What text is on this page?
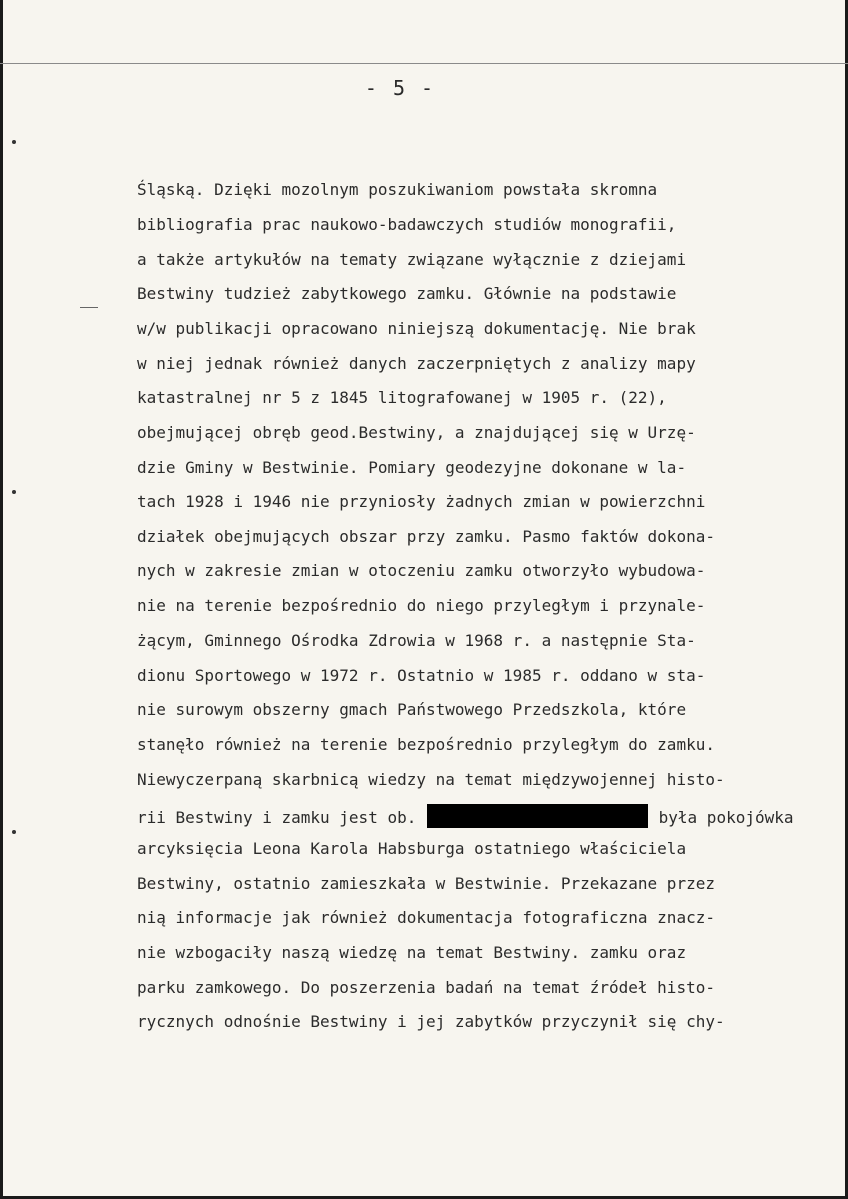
- 5 -
Śląską. Dzięki mozolnym poszukiwaniom powstała skromna
bibliografia prac naukowo-badawczych studiów monografii,
a także artykułów na tematy związane wyłącznie z dziejami
Bestwiny tudzież zabytkowego zamku. Głównie na podstawie
w/w publikacji opracowano niniejszą dokumentację. Nie brak
w niej jednak również danych zaczerpniętych z analizy mapy
katastralnej nr 5 z 1845 litografowanej w 1905 r. (22),
obejmującej obręb geod.Bestwiny, a znajdującej się w Urzę-
dzie Gminy w Bestwinie. Pomiary geodezyjne dokonane w la-
tach 1928 i 1946 nie przyniosły żadnych zmian w powierzchni
działek obejmujących obszar przy zamku. Pasmo faktów dokona-
nych w zakresie zmian w otoczeniu zamku otworzyło wybudowa-
nie na terenie bezpośrednio do niego przyległym i przynale-
żącym, Gminnego Ośrodka Zdrowia w 1968 r. a następnie Sta-
dionu Sportowego w 1972 r. Ostatnio w 1985 r. oddano w sta-
nie surowym obszerny gmach Państwowego Przedszkola, które
stanęło również na terenie bezpośrednio przyległym do zamku.
Niewyczerpaną skarbnicą wiedzy na temat międzywojennej histo-
rii Bestwiny i zamku jest ob.	była pokojówka
arcyksięcia Leona Karola Habsburga ostatniego właściciela
Bestwiny, ostatnio zamieszkała w Bestwinie. Przekazane przez
nią informacje jak również dokumentacja fotograficzna znacz-
nie wzbogaciły naszą wiedzę na temat Bestwiny. zamku oraz
parku zamkowego. Do poszerzenia badań na temat źródeł histo-
rycznych odnośnie Bestwiny i jej zabytków przyczynił się chy-
